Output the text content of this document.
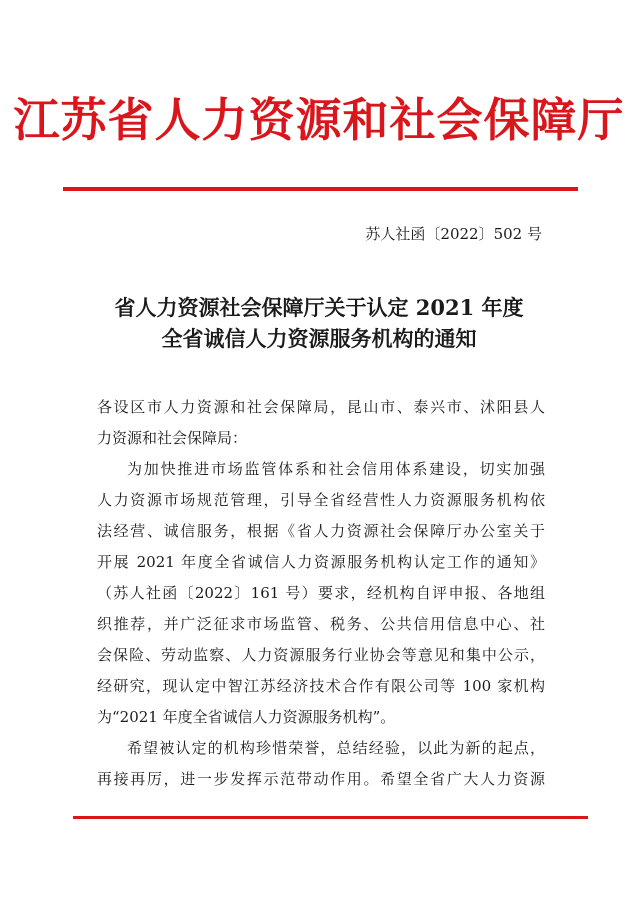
江苏省人力资源和社会保障厅
苏人社函〔2022〕502 号
省人力资源社会保障厅关于认定 2021 年度
全省诚信人力资源服务机构的通知
各设区市人力资源和社会保障局，昆山市、泰兴市、沭阳县人
力资源和社会保障局：
为加快推进市场监管体系和社会信用体系建设，切实加强
人力资源市场规范管理，引导全省经营性人力资源服务机构依
法经营、诚信服务，根据《省人力资源社会保障厅办公室关于
开展 2021 年度全省诚信人力资源服务机构认定工作的通知》
（苏人社函〔2022〕161 号）要求，经机构自评申报、各地组
织推荐，并广泛征求市场监管、税务、公共信用信息中心、社
会保险、劳动监察、人力资源服务行业协会等意见和集中公示，
经研究，现认定中智江苏经济技术合作有限公司等 100 家机构
为“2021 年度全省诚信人力资源服务机构”。
希望被认定的机构珍惜荣誉，总结经验，以此为新的起点，
再接再厉，进一步发挥示范带动作用。希望全省广大人力资源
